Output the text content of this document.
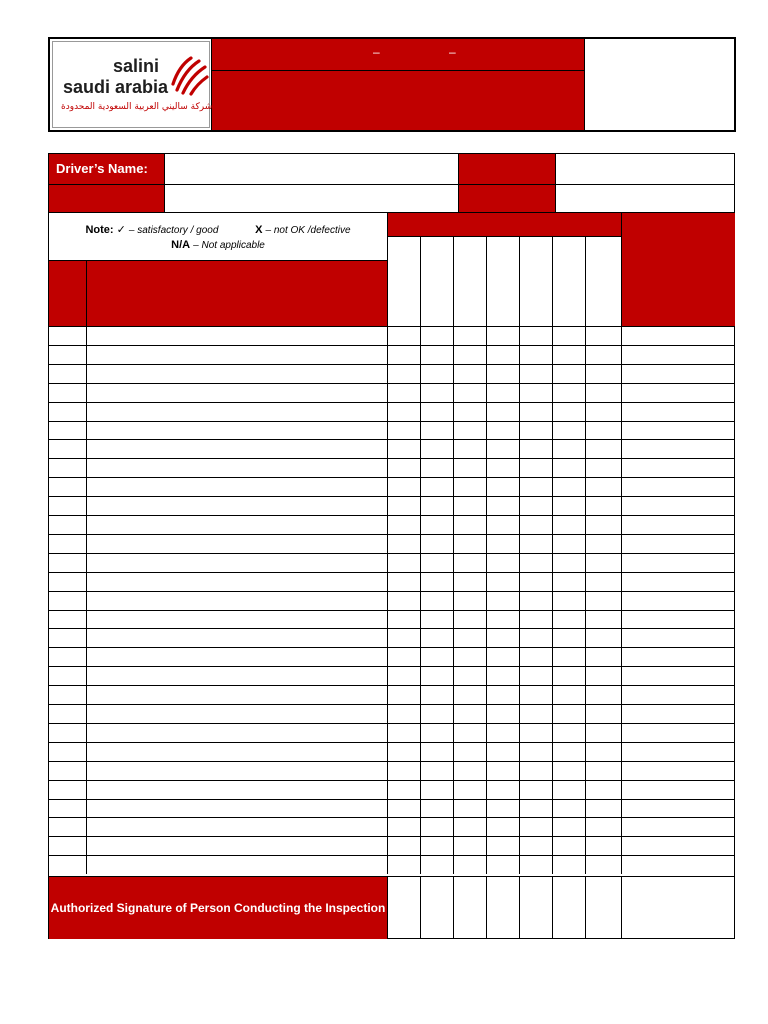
salini
saudi arabia
شركة ساليني العربية السعودية المحدودة
–	–
Driver’s Name:
Note: ✓ – satisfactory / good	X – not OK /defective
N/A – Not applicable
Authorized Signature of Person Conducting the Inspection
